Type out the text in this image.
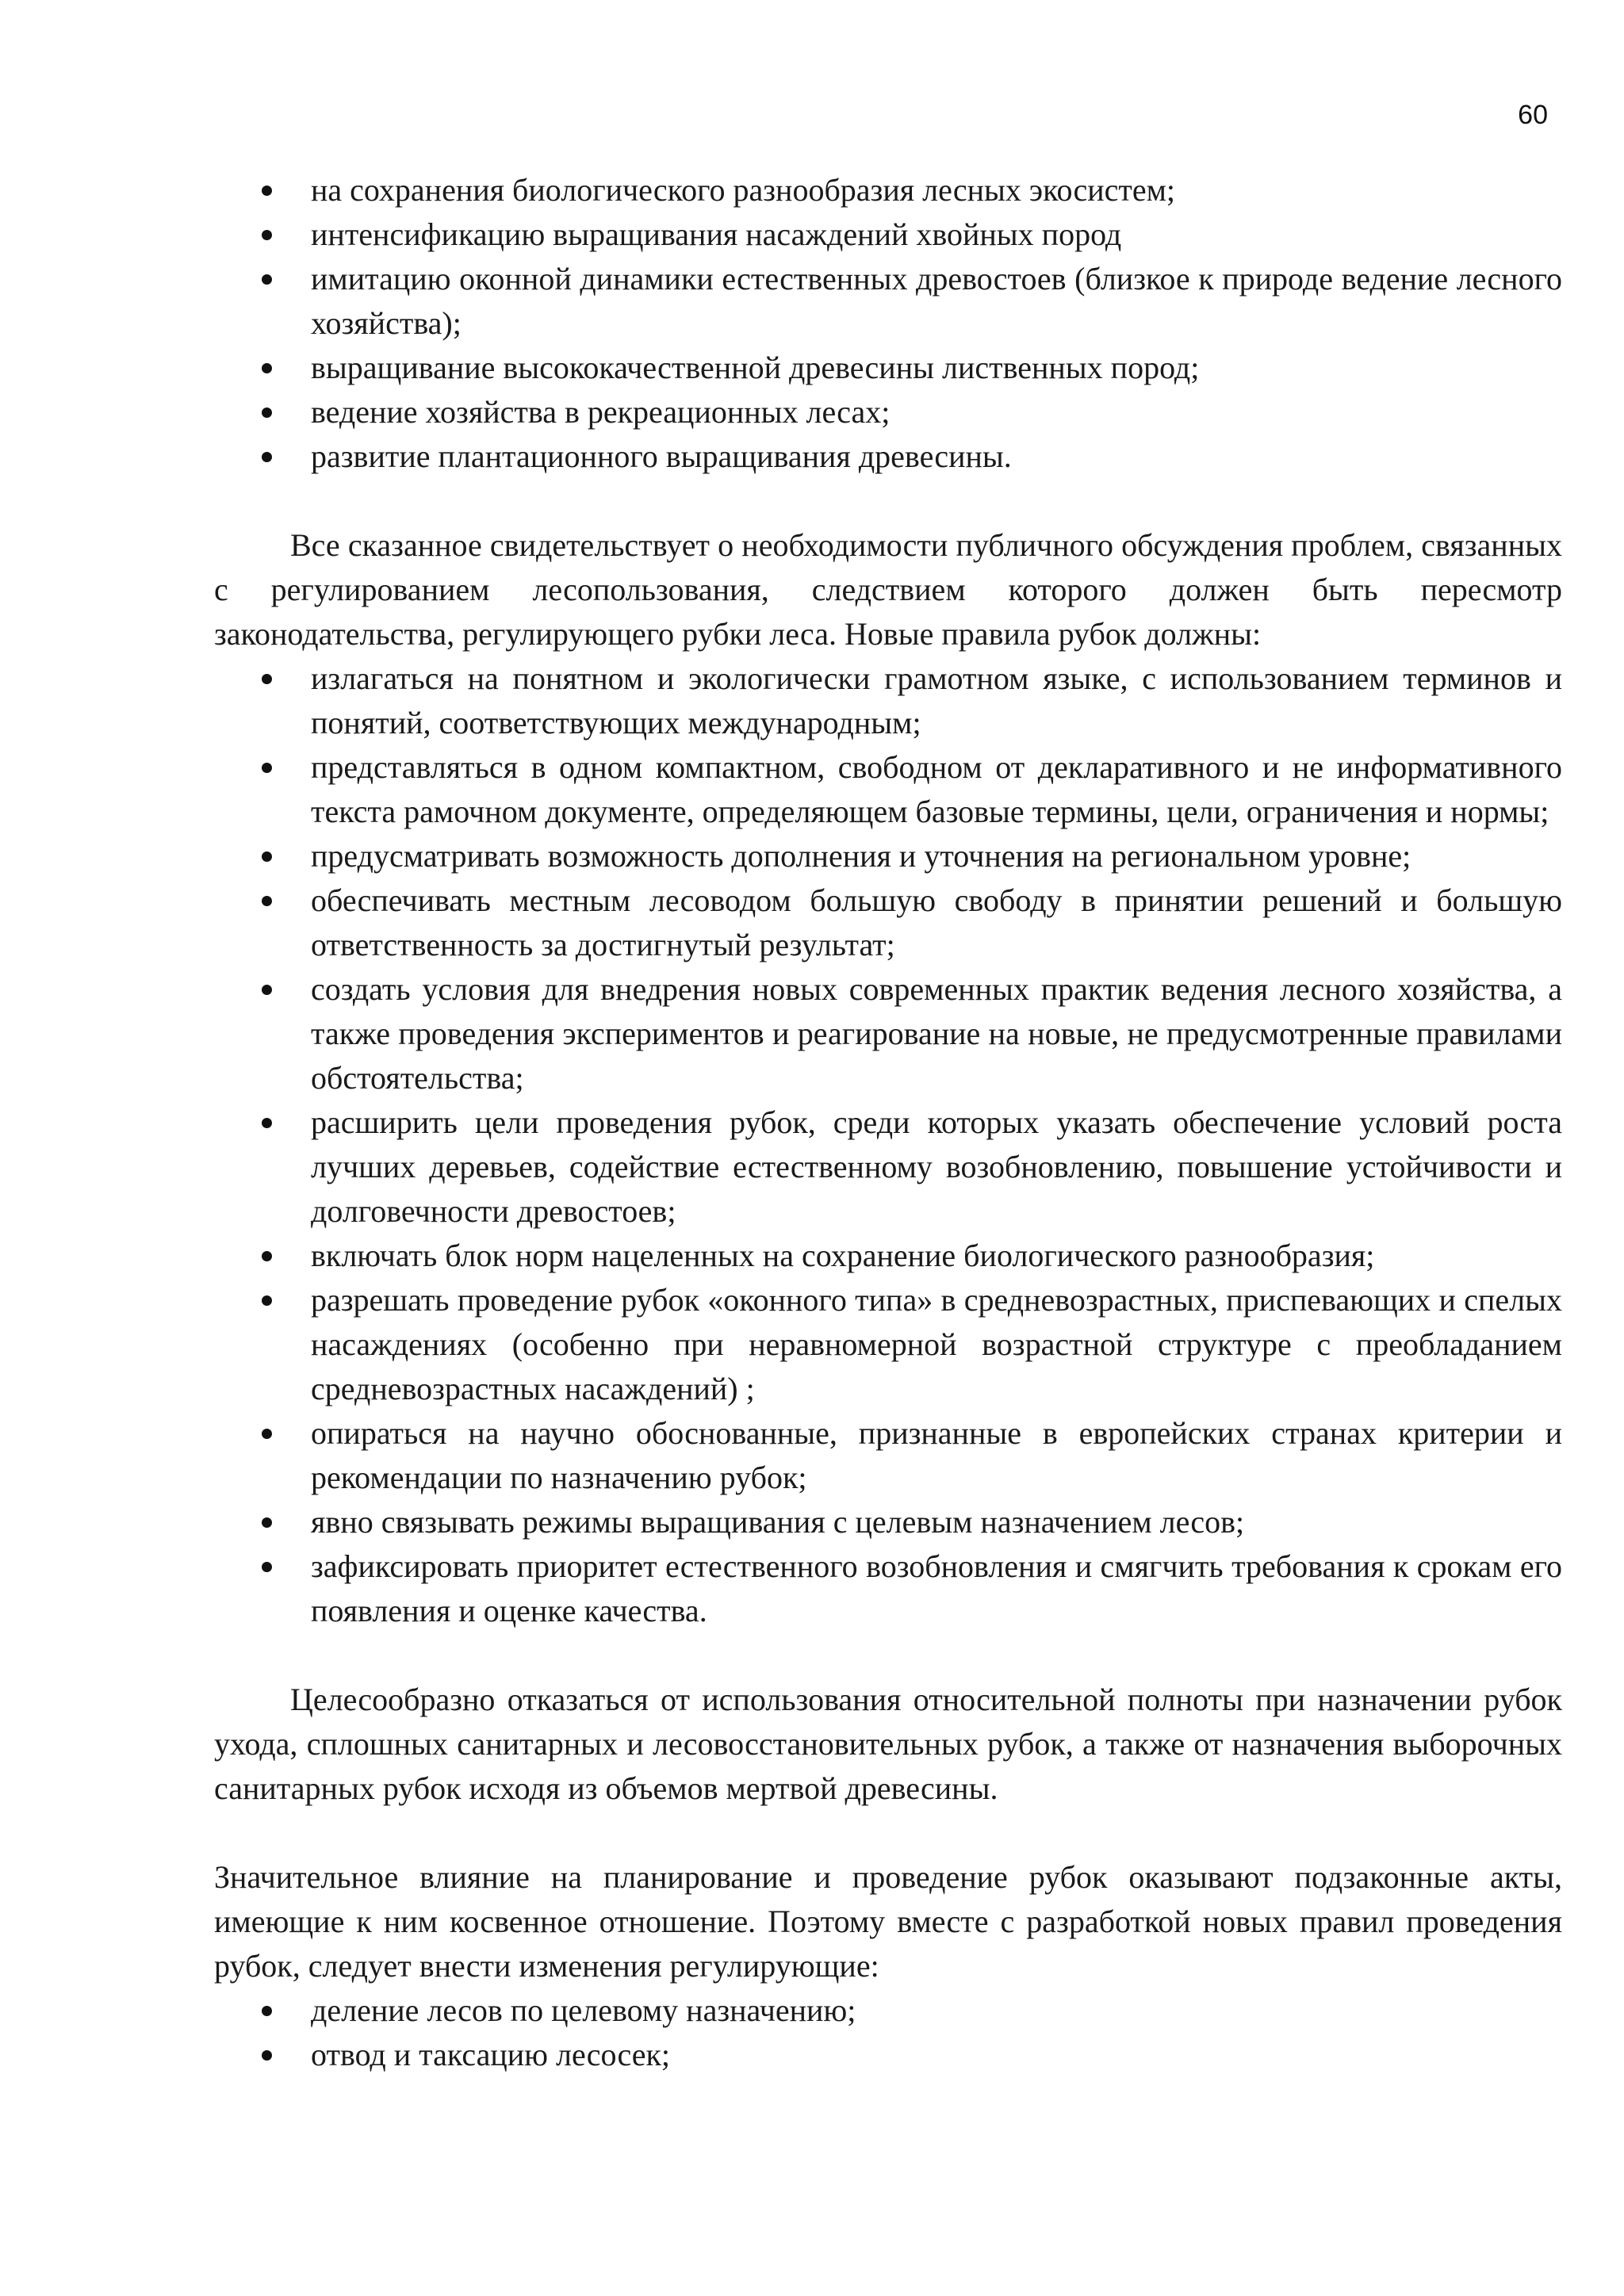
60
на сохранения биологического разнообразия лесных экосистем;
интенсификацию выращивания насаждений хвойных пород
имитацию оконной динамики естественных древостоев (близкое к природе ведение лесного хозяйства);
выращивание высококачественной древесины лиственных пород;
ведение хозяйства в рекреационных лесах;
развитие плантационного выращивания древесины.

Все сказанное свидетельствует о необходимости публичного обсуждения проблем, связанных с регулированием лесопользования, следствием которого должен быть пересмотр законодательства, регулирующего рубки леса. Новые правила рубок должны:

излагаться на понятном и экологически грамотном языке, с использованием терминов и понятий, соответствующих международным;
представляться в одном компактном, свободном от декларативного и не информативного текста рамочном документе, определяющем базовые термины, цели, ограничения и нормы;
предусматривать возможность дополнения и уточнения на региональном уровне;
обеспечивать местным лесоводом большую свободу в принятии решений и большую ответственность за достигнутый результат;
создать условия для внедрения новых современных практик ведения лесного хозяйства, а также проведения экспериментов и реагирование на новые, не предусмотренные правилами обстоятельства;
расширить цели проведения рубок, среди которых указать обеспечение условий роста лучших деревьев, содействие естественному возобновлению, повышение устойчивости и долговечности древостоев;
включать блок норм нацеленных на сохранение биологического разнообразия;
разрешать проведение рубок «оконного типа» в средневозрастных, приспевающих и спелых насаждениях (особенно при неравномерной возрастной структуре с преобладанием средневозрастных насаждений) ;
опираться на научно обоснованные, признанные в европейских странах критерии и рекомендации по назначению рубок;
явно связывать режимы выращивания с целевым назначением лесов;
зафиксировать приоритет естественного возобновления и смягчить требования к срокам его появления и оценке качества.

Целесообразно отказаться от использования относительной полноты при назначении рубок ухода, сплошных санитарных и лесовосстановительных рубок, а также от назначения выборочных санитарных рубок исходя из объемов мертвой древесины.

Значительное влияние на планирование и проведение рубок оказывают подзаконные акты, имеющие к ним косвенное отношение. Поэтому вместе с разработкой новых правил проведения рубок, следует внести изменения регулирующие:

деление лесов по целевому назначению;
отвод и таксацию лесосек;
